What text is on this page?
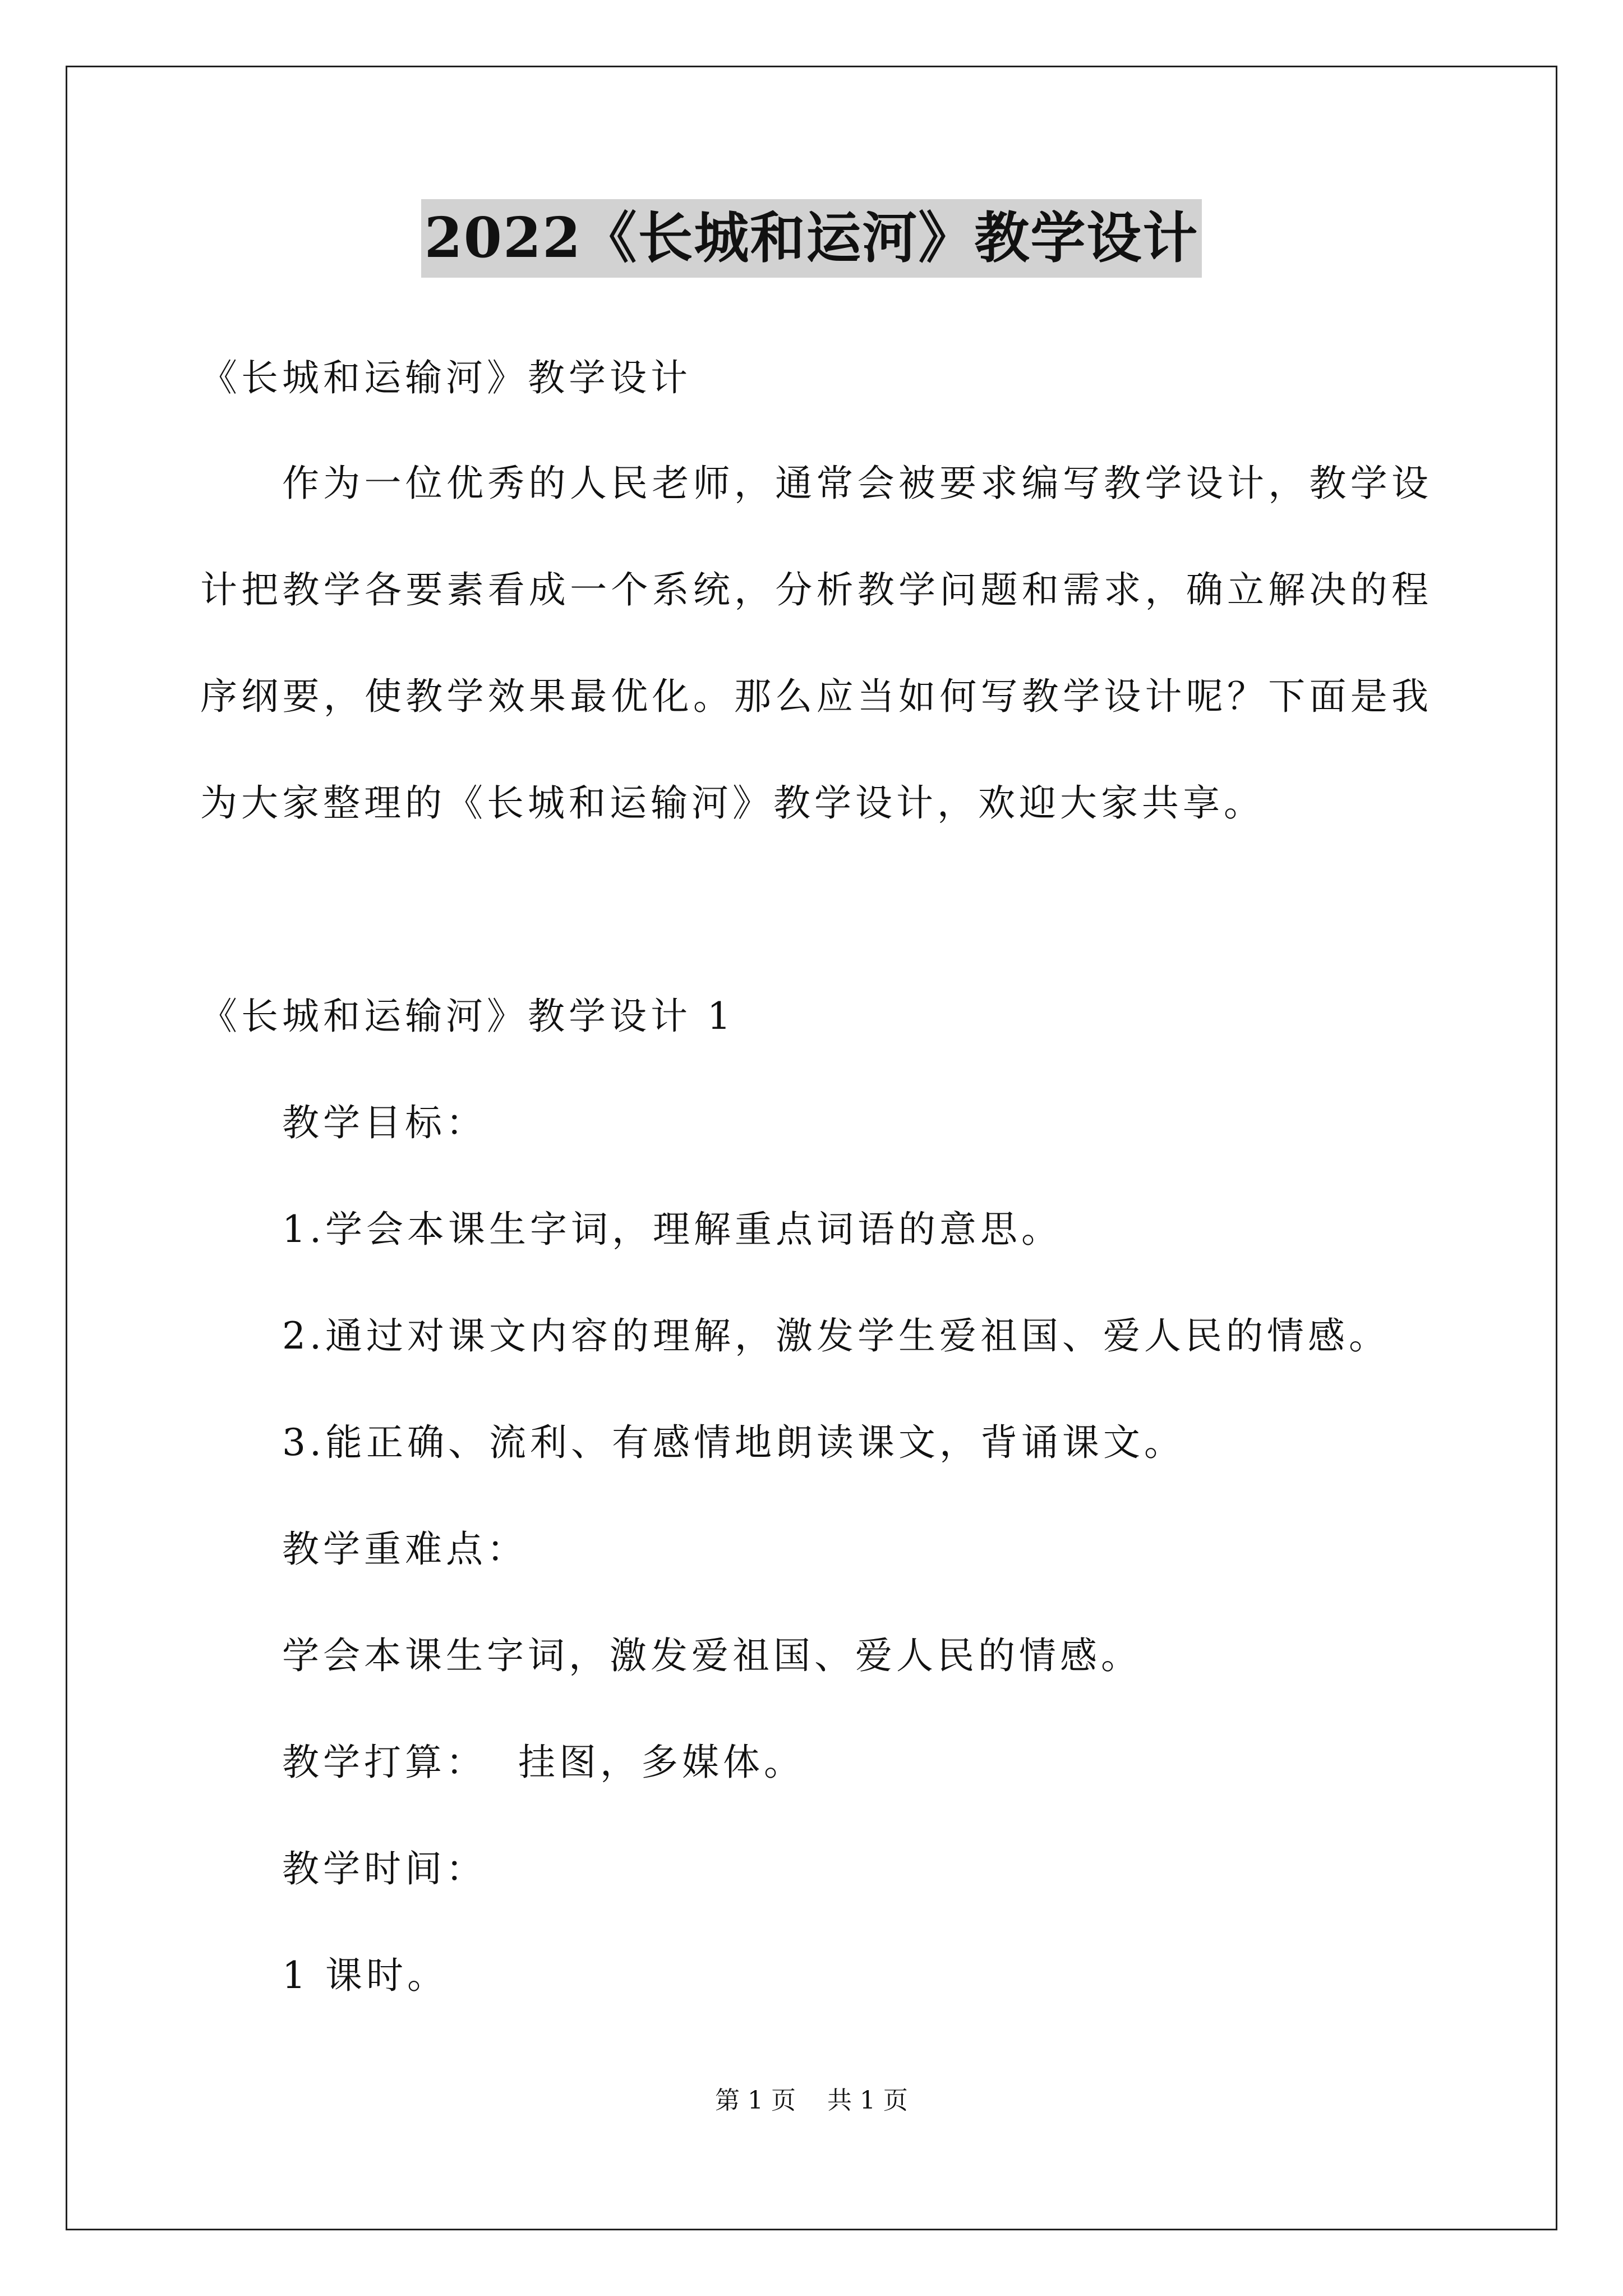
2022《长城和运河》教学设计
《长城和运输河》教学设计
作为一位优秀的人民老师，通常会被要求编写教学设计，教学设
计把教学各要素看成一个系统，分析教学问题和需求，确立解决的程
序纲要，使教学效果最优化。那么应当如何写教学设计呢？下面是我
为大家整理的《长城和运输河》教学设计，欢迎大家共享。
《长城和运输河》教学设计 1
教学目标：
1.学会本课生字词，理解重点词语的意思。
2.通过对课文内容的理解，激发学生爱祖国、爱人民的情感。
3.能正确、流利、有感情地朗读课文，背诵课文。
教学重难点：
学会本课生字词，激发爱祖国、爱人民的情感。
教学打算：  挂图，多媒体。
教学时间：
1 课时。
第 1 页    共 1 页
